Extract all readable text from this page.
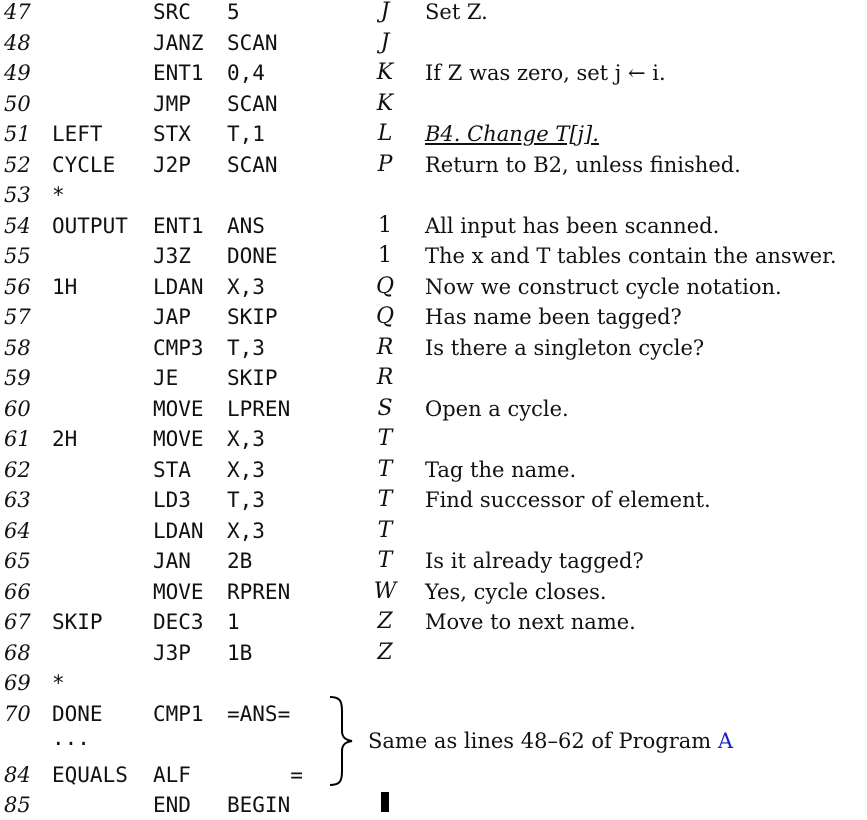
47	SRC 5	J	Set Z.
48	JANZ SCAN	J
49	ENT1 0,4	K	If Z was zero, set j ← i.
50	JMP SCAN	K
51 LEFT STX T,1	L	B4. Change T[j].
52 CYCLE J2P SCAN	P	Return to B2, unless finished.
53 *
54 OUTPUT ENT1 ANS	1	All input has been scanned.
55	J3Z DONE	1	The x and T tables contain the answer.
56 1H	LDAN X,3	Q	Now we construct cycle notation.
57	JAP SKIP	Q	Has name been tagged?
58	CMP3 T,3	R	Is there a singleton cycle?
59	JE SKIP	R
60	MOVE LPREN	S	Open a cycle.
61 2H	MOVE X,3	T
62	STA X,3	T	Tag the name.
63	LD3 T,3	T	Find successor of element.
64	LDAN X,3	T
65	JAN 2B	T	Is it already tagged?
66	MOVE RPREN	W	Yes, cycle closes.
67 SKIP DEC3 1	Z	Move to next name.
68	J3P 1B	Z
69 *
70 DONE CMP1 =ANS=
···
84 EQUALS ALF =
85	END BEGIN
Same as lines 48–62 of Program A
